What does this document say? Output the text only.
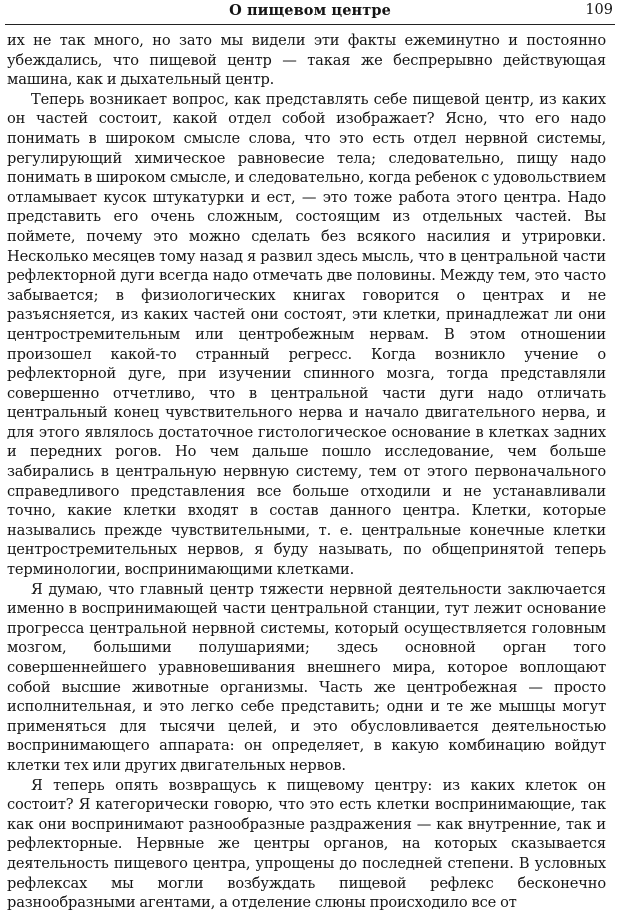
О пищевом центре	109

их не так много, но зато мы видели эти факты ежеминутно и постоянно убеждались, что пищевой центр — такая же беспрерывно действующая машина, как и дыхательный центр.

Теперь возникает вопрос, как представлять себе пищевой центр, из каких он частей состоит, какой отдел собой изображает? Ясно, что его надо понимать в широком смысле слова, что это есть отдел нервной системы, регулирующий химическое равновесие тела; следовательно, пищу надо понимать в широком смысле, и следовательно, когда ребенок с удовольствием отламывает кусок штукатурки и ест, — это тоже работа этого центра. Надо представить его очень сложным, состоящим из отдельных частей. Вы поймете, почему это можно сделать без всякого насилия и утрировки. Несколько месяцев тому назад я развил здесь мысль, что в центральной части рефлекторной дуги всегда надо отмечать две половины. Между тем, это часто забывается; в физиологических книгах говорится о центрах и не разъясняется, из каких частей они состоят, эти клетки, принадлежат ли они центростремительным или центробежным нервам. В этом отношении произошел какой-то странный регресс. Когда возникло учение о рефлекторной дуге, при изучении спинного мозга, тогда представляли совершенно отчетливо, что в центральной части дуги надо отличать центральный конец чувствительного нерва и начало двигательного нерва, и для этого являлось достаточное гистологическое основание в клетках задних и передних рогов. Но чем дальше пошло исследование, чем больше забирались в центральную нервную систему, тем от этого первоначального справедливого представления все больше отходили и не устанавливали точно, какие клетки входят в состав данного центра. Клетки, которые назывались прежде чувствительными, т. е. центральные конечные клетки центростремительных нервов, я буду называть, по общепринятой теперь терминологии, воспринимающими клетками.

Я думаю, что главный центр тяжести нервной деятельности заключается именно в воспринимающей части центральной станции, тут лежит основание прогресса центральной нервной системы, который осуществляется головным мозгом, большими полушариями; здесь основной орган того совершеннейшего уравновешивания внешнего мира, которое воплощают собой высшие животные организмы. Часть же центробежная — просто исполнительная, и это легко себе представить; одни и те же мышцы могут применяться для тысячи целей, и это обусловливается деятельностью воспринимающего аппарата: он определяет, в какую комбинацию войдут клетки тех или других двигательных нервов.

Я теперь опять возвращусь к пищевому центру: из каких клеток он состоит? Я категорически говорю, что это есть клетки воспринимающие, так как они воспринимают разнообразные раздражения — как внутренние, так и рефлекторные. Нервные же центры органов, на которых сказывается деятельность пищевого центра, упрощены до последней степени. В условных рефлексах мы могли возбуждать пищевой рефлекс бесконечно разнообразными агентами, а отделение слюны происходило все от
